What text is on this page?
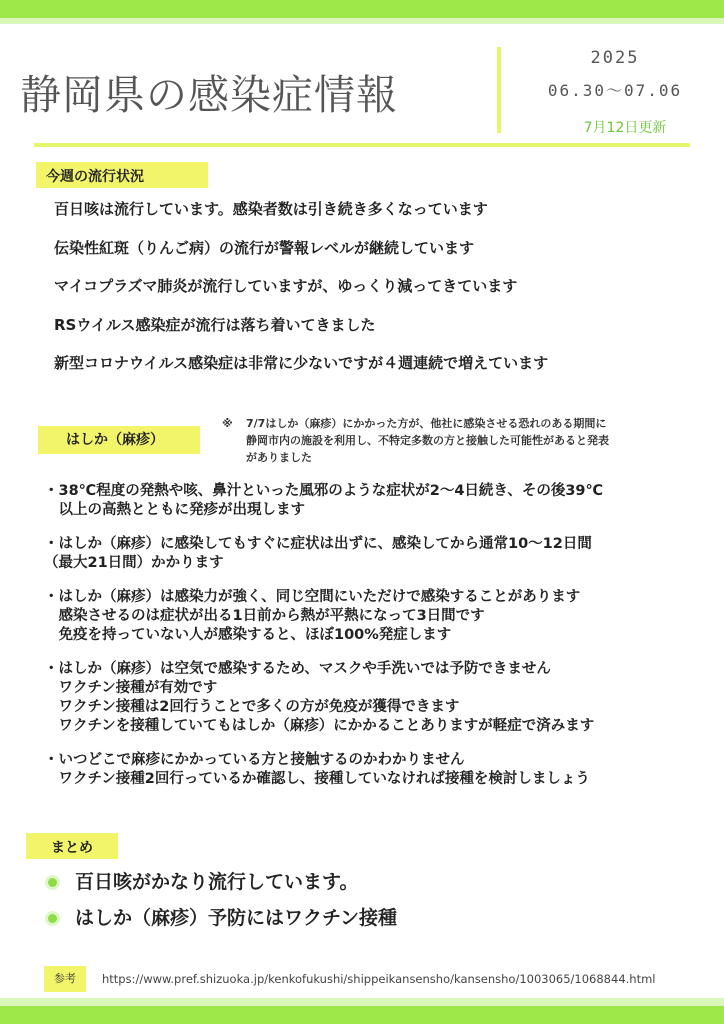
静岡県の感染症情報
2025
06.30〜07.06
7月12日更新
今週の流行状況
百日咳は流行しています。感染者数は引き続き多くなっています
伝染性紅斑（りんご病）の流行が警報レベルが継続しています
マイコプラズマ肺炎が流行していますが、ゆっくり減ってきています
RSウイルス感染症が流行は落ち着いてきました
新型コロナウイルス感染症は非常に少ないですが４週連続で増えています
はしか（麻疹）
※ 7/7はしか（麻疹）にかかった方が、他社に感染させる恐れのある期間に
静岡市内の施設を利用し、不特定多数の方と接触した可能性があると発表
がありました
・38℃程度の発熱や咳、鼻汁といった風邪のような症状が2〜4日続き、その後39℃
　以上の高熱とともに発疹が出現します
・はしか（麻疹）に感染してもすぐに症状は出ずに、感染してから通常10〜12日間
（最大21日間）かかります
・はしか（麻疹）は感染力が強く、同じ空間にいただけで感染することがあります
　感染させるのは症状が出る1日前から熱が平熱になって3日間です
　免疫を持っていない人が感染すると、ほぼ100%発症します
・はしか（麻疹）は空気で感染するため、マスクや手洗いでは予防できません
　ワクチン接種が有効です
　ワクチン接種は2回行うことで多くの方が免疫が獲得できます
　ワクチンを接種していてもはしか（麻疹）にかかることありますが軽症で済みます
・いつどこで麻疹にかかっている方と接触するのかわかりません
　ワクチン接種2回行っているか確認し、接種していなければ接種を検討しましょう
まとめ
百日咳がかなり流行しています。
はしか（麻疹）予防にはワクチン接種
参考	https://www.pref.shizuoka.jp/kenkofukushi/shippeikansensho/kansensho/1003065/1068844.html
